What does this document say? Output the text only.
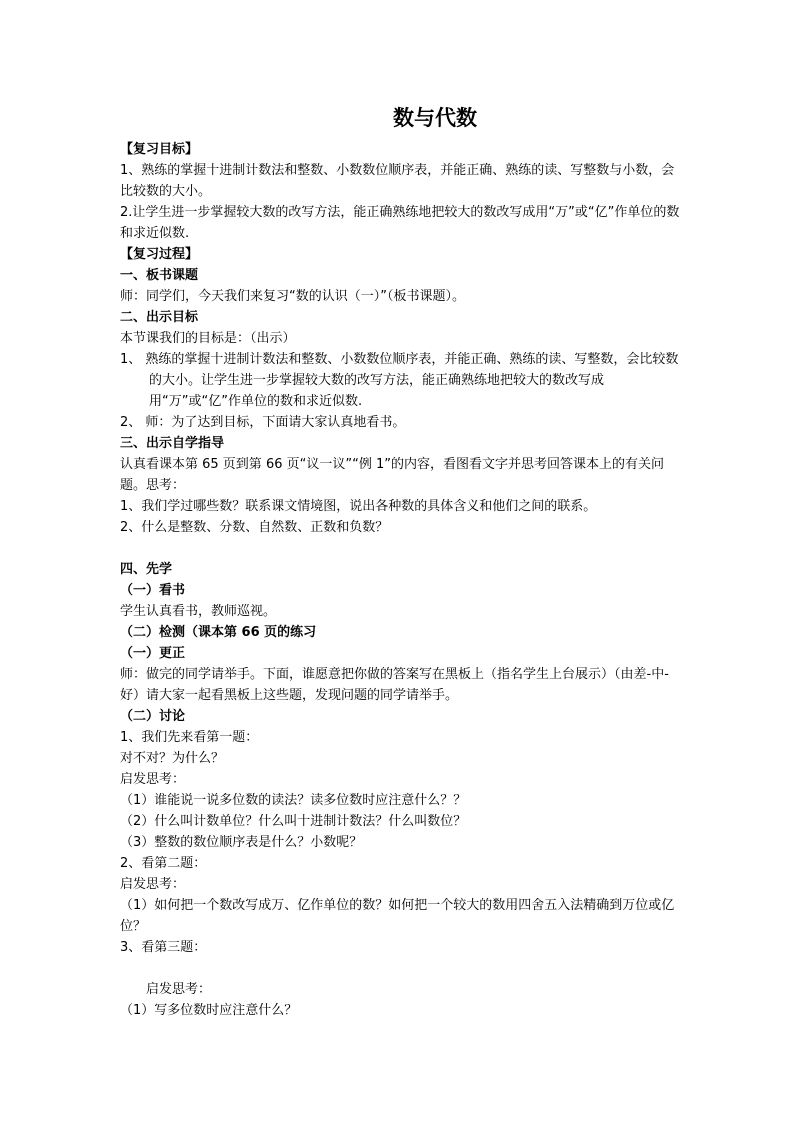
数与代数

【复习目标】

1、熟练的掌握十进制计数法和整数、小数数位顺序表，并能正确、熟练的读、写整数与小数，会比较数的大小。

2.让学生进一步掌握较大数的改写方法，能正确熟练地把较大的数改写成用“万”或“亿”作单位的数和求近似数.

【复习过程】

一、板书课题

师：同学们，今天我们来复习“数的认识（一）”（板书课题）。

二、出示目标

本节课我们的目标是：（出示）

1、 熟练的掌握十进制计数法和整数、小数数位顺序表，并能正确、熟练的读、写整数，会比较数的大小。让学生进一步掌握较大数的改写方法，能正确熟练地把较大的数改写成用“万”或“亿”作单位的数和求近似数.

2、 师：为了达到目标，下面请大家认真地看书。

三、出示自学指导

认真看课本第 65 页到第 66 页“议一议”“例 1”的内容，看图看文字并思考回答课本上的有关问题。思考：

1、我们学过哪些数？联系课文情境图，说出各种数的具体含义和他们之间的联系。

2、什么是整数、分数、自然数、正数和负数？

四、先学

（一）看书

学生认真看书，教师巡视。

（二）检测（课本第 66 页的练习

（一）更正

师：做完的同学请举手。下面，谁愿意把你做的答案写在黑板上（指名学生上台展示）（由差-中-好）请大家一起看黑板上这些题，发现问题的同学请举手。

（二）讨论

1、我们先来看第一题：

对不对？为什么？

启发思考：

（1）谁能说一说多位数的读法？读多位数时应注意什么？？

（2）什么叫计数单位？什么叫十进制计数法？什么叫数位？

（3）整数的数位顺序表是什么？小数呢？

2、看第二题：

启发思考：

（1）如何把一个数改写成万、亿作单位的数？如何把一个较大的数用四舍五入法精确到万位或亿位？

3、看第三题：

启发思考：

（1）写多位数时应注意什么？
